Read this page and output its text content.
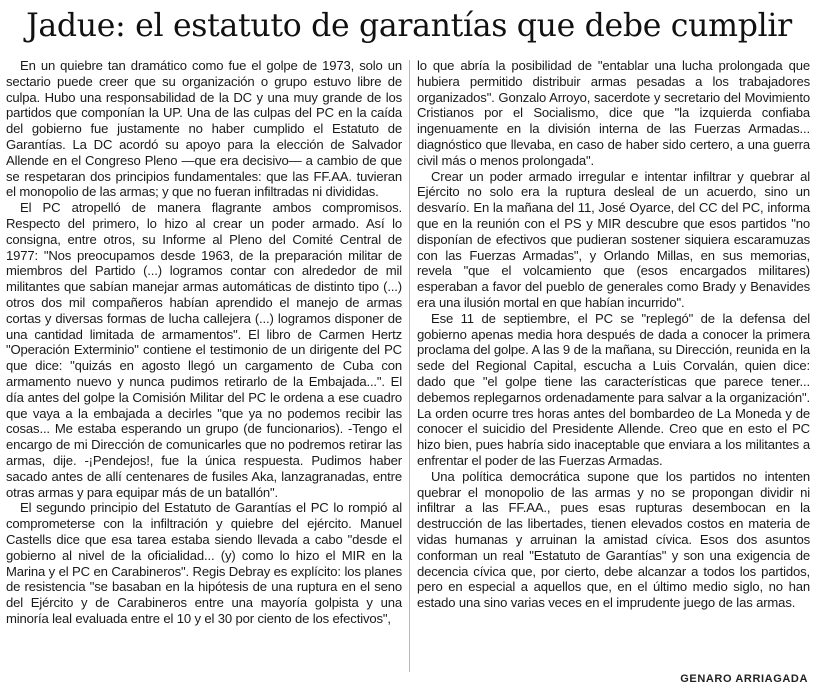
Jadue: el estatuto de garantías que debe cumplir

En un quiebre tan dramático como fue el golpe de 1973, solo un sectario puede creer que su organización o grupo estuvo libre de culpa. Hubo una responsabilidad de la DC y una muy grande de los partidos que componían la UP. Una de las culpas del PC en la caída del gobierno fue justamente no haber cumplido el Estatuto de Garantías. La DC acordó su apoyo para la elección de Salvador Allende en el Congreso Pleno —que era decisivo— a cambio de que se respetaran dos principios fundamentales: que las FF.AA. tuvieran el monopolio de las armas; y que no fueran infiltradas ni divididas.

El PC atropelló de manera flagrante ambos compromisos. Respecto del primero, lo hizo al crear un poder armado. Así lo consigna, entre otros, su Informe al Pleno del Comité Central de 1977: "Nos preocupamos desde 1963, de la preparación militar de miembros del Partido (...) logramos contar con alrededor de mil militantes que sabían manejar armas automáticas de distinto tipo (...) otros dos mil compañeros habían aprendido el manejo de armas cortas y diversas formas de lucha callejera (...) logramos disponer de una cantidad limitada de armamentos". El libro de Carmen Hertz "Operación Exterminio" contiene el testimonio de un dirigente del PC que dice: "quizás en agosto llegó un cargamento de Cuba con armamento nuevo y nunca pudimos retirarlo de la Embajada...". El día antes del golpe la Comisión Militar del PC le ordena a ese cuadro que vaya a la embajada a decirles "que ya no podemos recibir las cosas... Me estaba esperando un grupo (de funcionarios). -Tengo el encargo de mi Dirección de comunicarles que no podremos retirar las armas, dije. -¡Pendejos!, fue la única respuesta. Pudimos haber sacado antes de allí centenares de fusiles Aka, lanzagranadas, entre otras armas y para equipar más de un batallón".

El segundo principio del Estatuto de Garantías el PC lo rompió al comprometerse con la infiltración y quiebre del ejército. Manuel Castells dice que esa tarea estaba siendo llevada a cabo "desde el gobierno al nivel de la oficialidad... (y) como lo hizo el MIR en la Marina y el PC en Carabineros". Regis Debray es explícito: los planes de resistencia "se basaban en la hipótesis de una ruptura en el seno del Ejército y de Carabineros entre una mayoría golpista y una minoría leal evaluada entre el 10 y el 30 por ciento de los efectivos",

lo que abría la posibilidad de "entablar una lucha prolongada que hubiera permitido distribuir armas pesadas a los trabajadores organizados". Gonzalo Arroyo, sacerdote y secretario del Movimiento Cristianos por el Socialismo, dice que "la izquierda confiaba ingenuamente en la división interna de las Fuerzas Armadas... diagnóstico que llevaba, en caso de haber sido certero, a una guerra civil más o menos prolongada".

Crear un poder armado irregular e intentar infiltrar y quebrar al Ejército no solo era la ruptura desleal de un acuerdo, sino un desvarío. En la mañana del 11, José Oyarce, del CC del PC, informa que en la reunión con el PS y MIR descubre que esos partidos "no disponían de efectivos que pudieran sostener siquiera escaramuzas con las Fuerzas Armadas", y Orlando Millas, en sus memorias, revela "que el volcamiento que (esos encargados militares) esperaban a favor del pueblo de generales como Brady y Benavides era una ilusión mortal en que habían incurrido".

Ese 11 de septiembre, el PC se "replegó" de la defensa del gobierno apenas media hora después de dada a conocer la primera proclama del golpe. A las 9 de la mañana, su Dirección, reunida en la sede del Regional Capital, escucha a Luis Corvalán, quien dice: dado que "el golpe tiene las características que parece tener... debemos replegarnos ordenadamente para salvar a la organización". La orden ocurre tres horas antes del bombardeo de La Moneda y de conocer el suicidio del Presidente Allende. Creo que en esto el PC hizo bien, pues habría sido inaceptable que enviara a los militantes a enfrentar el poder de las Fuerzas Armadas.

Una política democrática supone que los partidos no intenten quebrar el monopolio de las armas y no se propongan dividir ni infiltrar a las FF.AA., pues esas rupturas desembocan en la destrucción de las libertades, tienen elevados costos en materia de vidas humanas y arruinan la amistad cívica. Esos dos asuntos conforman un real "Estatuto de Garantías" y son una exigencia de decencia cívica que, por cierto, debe alcanzar a todos los partidos, pero en especial a aquellos que, en el último medio siglo, no han estado una sino varias veces en el imprudente juego de las armas.

GENARO ARRIAGADA
